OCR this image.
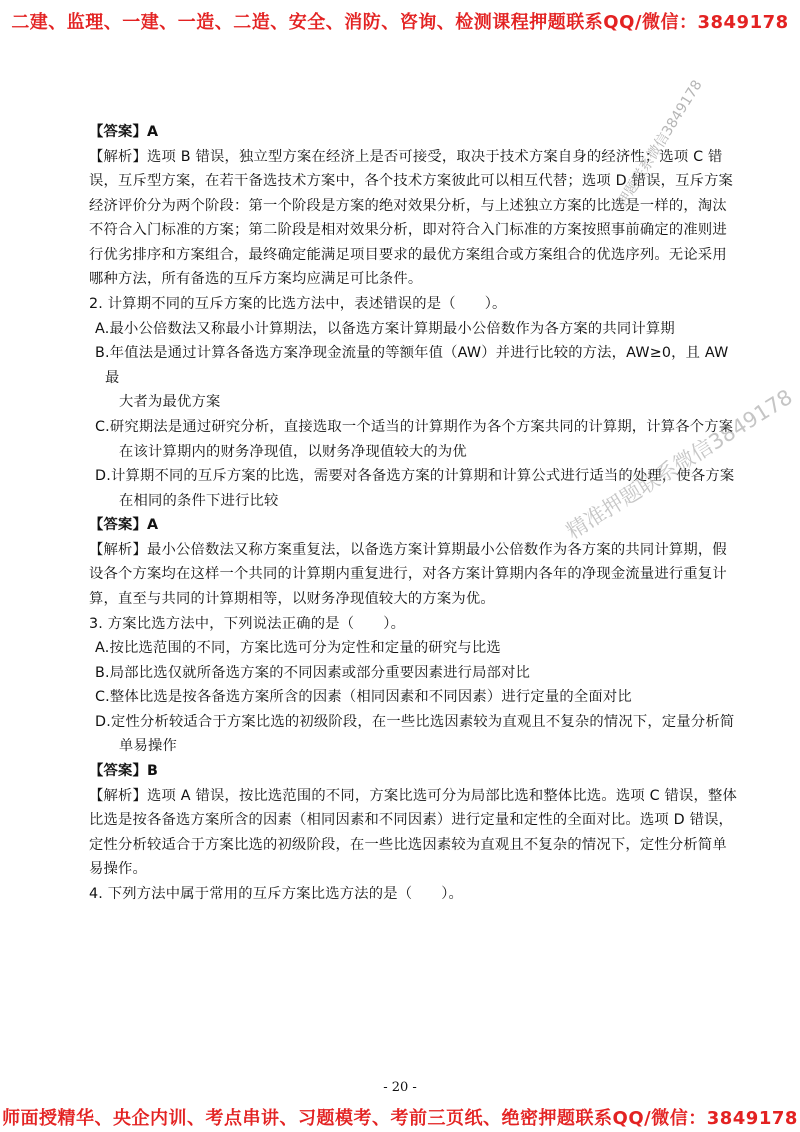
二建、监理、一建、一造、二造、安全、消防、咨询、检测课程押题联系QQ/微信：3849178

【答案】A

【解析】选项 B 错误，独立型方案在经济上是否可接受，取决于技术方案自身的经济性；选项 C 错误，互斥型方案，在若干备选技术方案中，各个技术方案彼此可以相互代替；选项 D 错误，互斥方案经济评价分为两个阶段：第一个阶段是方案的绝对效果分析，与上述独立方案的比选是一样的，淘汰不符合入门标准的方案；第二阶段是相对效果分析，即对符合入门标准的方案按照事前确定的准则进行优劣排序和方案组合，最终确定能满足项目要求的最优方案组合或方案组合的优选序列。无论采用哪种方法，所有备选的互斥方案均应满足可比条件。

2. 计算期不同的互斥方案的比选方法中，表述错误的是（　　）。

A.最小公倍数法又称最小计算期法，以备选方案计算期最小公倍数作为各方案的共同计算期

B.年值法是通过计算各备选方案净现金流量的等额年值（AW）并进行比较的方法，AW≥0，且 AW 最
大者为最优方案

C.研究期法是通过研究分析，直接选取一个适当的计算期作为各个方案共同的计算期，计算各个方案
在该计算期内的财务净现值，以财务净现值较大的为优

D.计算期不同的互斥方案的比选，需要对各备选方案的计算期和计算公式进行适当的处理，使各方案
在相同的条件下进行比较

【答案】A

【解析】最小公倍数法又称方案重复法，以备选方案计算期最小公倍数作为各方案的共同计算期，假设各个方案均在这样一个共同的计算期内重复进行，对各方案计算期内各年的净现金流量进行重复计算，直至与共同的计算期相等，以财务净现值较大的方案为优。

3. 方案比选方法中，下列说法正确的是（　　）。

A.按比选范围的不同，方案比选可分为定性和定量的研究与比选

B.局部比选仅就所备选方案的不同因素或部分重要因素进行局部对比

C.整体比选是按各备选方案所含的因素（相同因素和不同因素）进行定量的全面对比

D.定性分析较适合于方案比选的初级阶段，在一些比选因素较为直观且不复杂的情况下，定量分析简
单易操作

【答案】B

【解析】选项 A 错误，按比选范围的不同，方案比选可分为局部比选和整体比选。选项 C 错误，整体比选是按各备选方案所含的因素（相同因素和不同因素）进行定量和定性的全面对比。选项 D 错误，定性分析较适合于方案比选的初级阶段，在一些比选因素较为直观且不复杂的情况下，定性分析简单易操作。

4. 下列方法中属于常用的互斥方案比选方法的是（　　）。

精准押题联系微信3849178
押题联系微信3849178
- 20 -
师面授精华、央企内训、考点串讲、习题模考、考前三页纸、绝密押题联系QQ/微信：3849178
